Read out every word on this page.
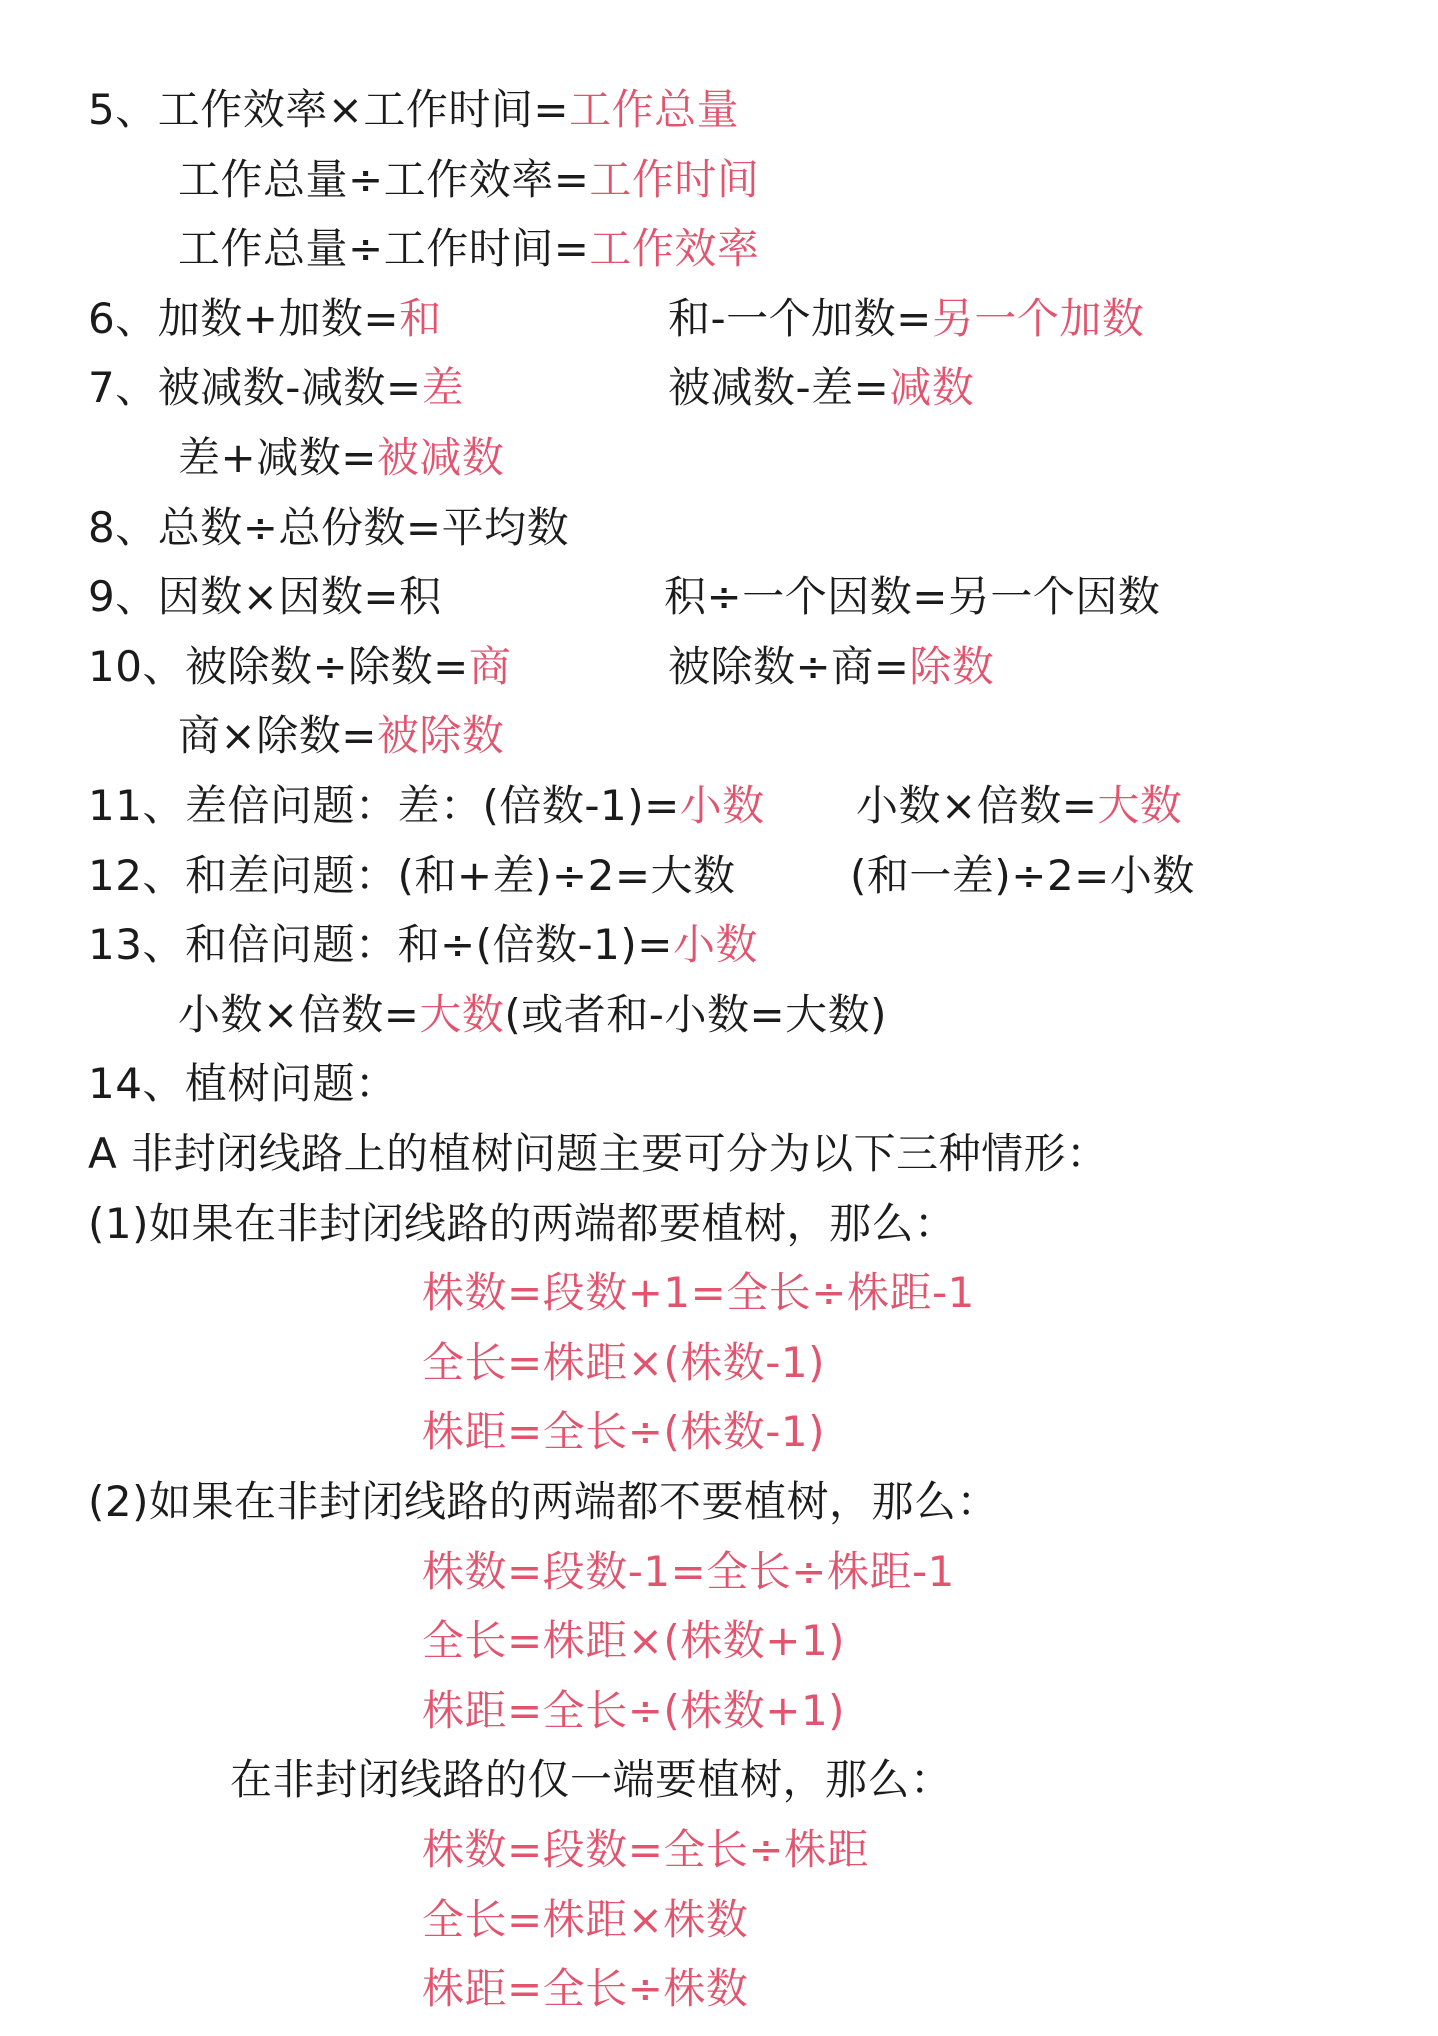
5、工作效率×工作时间=工作总量
工作总量÷工作效率=工作时间
工作总量÷工作时间=工作效率
6、加数+加数=和	和-一个加数=另一个加数
7、被减数-减数=差	被减数-差=减数
差+减数=被减数
8、总数÷总份数=平均数
9、因数×因数=积	积÷一个因数=另一个因数
10、被除数÷除数=商	被除数÷商=除数
商×除数=被除数
11、差倍问题：差：(倍数-1)=小数 小数×倍数=大数
12、和差问题：(和+差)÷2=大数	(和一差)÷2=小数
13、和倍问题：和÷(倍数-1)=小数
小数×倍数=大数(或者和-小数=大数)
14、植树问题：
A 非封闭线路上的植树问题主要可分为以下三种情形：
(1)如果在非封闭线路的两端都要植树，那么：
株数=段数+1=全长÷株距-1
全长=株距×(株数-1)
株距=全长÷(株数-1)
(2)如果在非封闭线路的两端都不要植树，那么：
株数=段数-1=全长÷株距-1
全长=株距×(株数+1)
株距=全长÷(株数+1)
在非封闭线路的仅一端要植树，那么：
株数=段数=全长÷株距
全长=株距×株数
株距=全长÷株数
